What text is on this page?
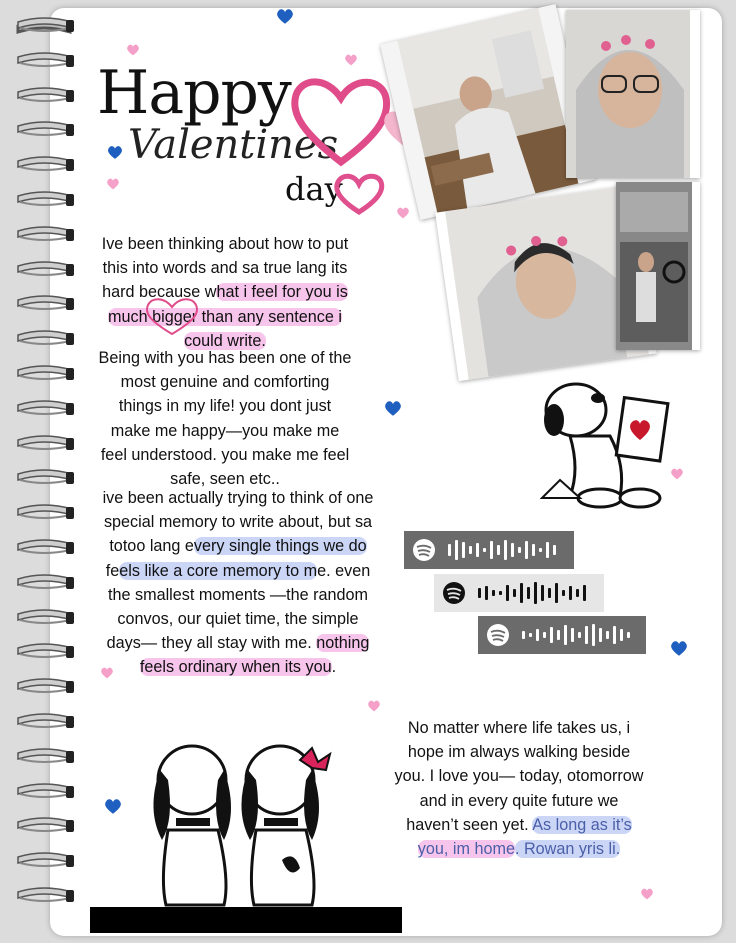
Happy
Valentines
day
Ive been thinking about how to put
this into words and sa true lang its
hard because what i feel for you is
much bigger than any sentence i
could write.
Being with you has been one of the
most genuine and comforting
things in my life! you dont just
make me happy—you make me
feel understood. you make me feel
safe, seen etc..
ive been actually trying to think of one
special memory to write about, but sa
totoo lang every single things we do
feels like a core memory to me. even
the smallest moments —the random
convos, our quiet time, the simple
days— they all stay with me. nothing
feels ordinary when its you.
No matter where life takes us, i
hope im always walking beside
you. I love you— today, otomorrow
and in every quite future we
haven’t seen yet. As long as it’s
you, im home. Rowan yris li.
